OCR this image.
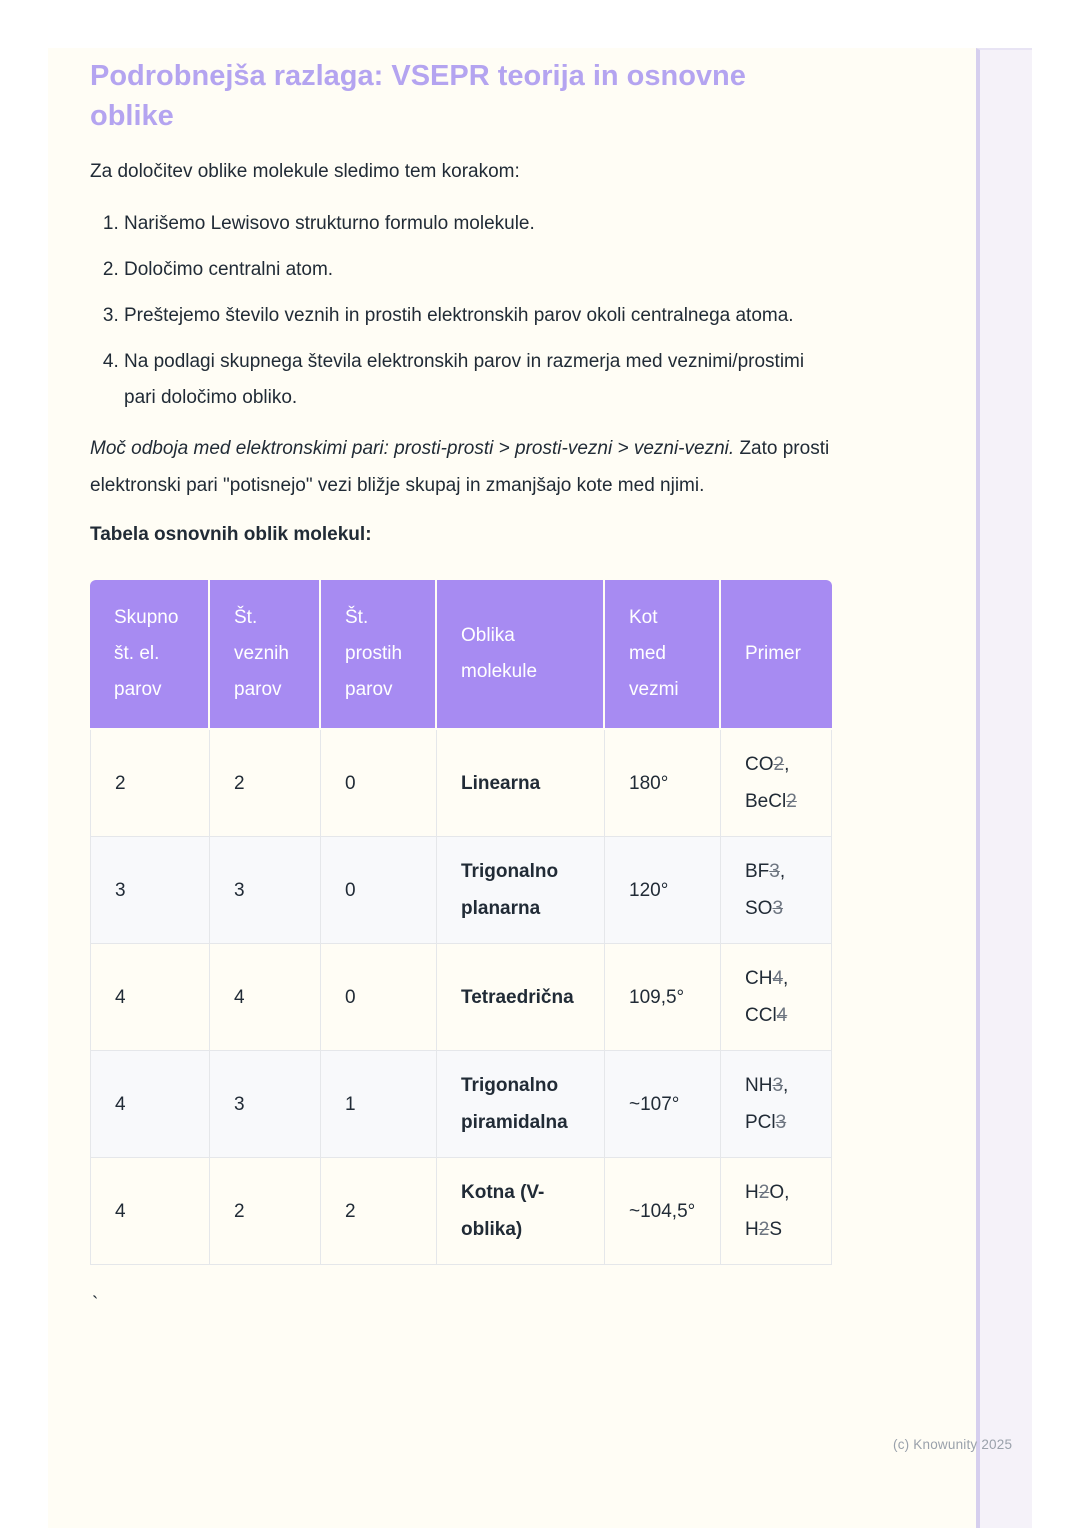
Podrobnejša razlaga: VSEPR teorija in osnovne oblike

Za določitev oblike molekule sledimo tem korakom:

1. Narišemo Lewisovo strukturno formulo molekule.
2. Določimo centralni atom.
3. Preštejemo število veznih in prostih elektronskih parov okoli centralnega atoma.
4. Na podlagi skupnega števila elektronskih parov in razmerja med veznimi/prostimi pari določimo obliko.

Moč odboja med elektronskimi pari: prosti-prosti > prosti-vezni > vezni-vezni. Zato prosti elektronski pari "potisnejo" vezi bližje skupaj in zmanjšajo kote med njimi.

Tabela osnovnih oblik molekul:

Skupno št. el. parov	Št. veznih parov	Št. prostih parov	Oblika molekule	Kot med vezmi	Primer
2	2	0	Linearna	180°	CO2,
BeCl2

3	3	0	Trigonalno planarna	120°	BF3,
SO3

4	4	0	Tetraedrična	109,5°	CH4,
CCl4

4	3	1	Trigonalno piramidalna	~107°	NH3,
PCl3

4	2	2	Kotna (V-oblika)	~104,5°	H2O,
H2S
`
(c) Knowunity 2025
